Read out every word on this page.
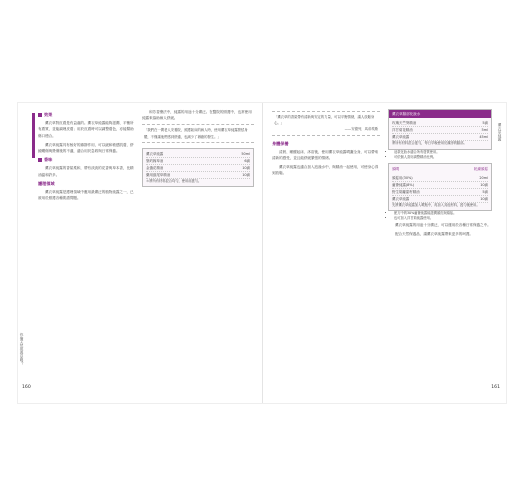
效果

薰衣草對皮膚是有益處的。薰衣草純露能夠滋潤、平衡所有膚質，並能調理皮膚；用於皮膚時可以調整膚色，亦能幫助傷口癒合。

薰衣草純露具有極好的鎮靜作用，可以緩和敏感肌膚，舒緩曬傷與燙傷後的不適，適合用於急救與日常保養。

香味

薰衣草純露的香氣柔和，帶有淡淡的花香與草本香，比精油溫和許多。

護理領域

薰衣草純露是護理領域中應用最廣泛的植物純露之一，已被用於照護各種肌膚問題。

和芳香療法中，純露的用途十分廣泛。在醫院的照護中，也常使用純露來協助病人舒緩。

「我們在一間老人安養院，照護臥床的病人時，使用薰衣草純露擦拭身體，不僅讓他們感到舒適，也減少了褥瘡的發生。」
薰衣草純露	50ml
聖約翰草油	6滴
金盞花精油	10滴
藥用鼠尾草精油	10滴
＊將所有材料混合均勻，使用前搖勻。
你懂天然保養品嗎？
160
「薰衣草的香氣帶有清新與安定的力量，可以平衡情緒，讓人放鬆身心。」
——安德列．馬帝埃斯
身體保養

清晨、睡醒起床、沐浴後，使用薰衣草純露噴灑全身，可以帶來清新的感受，並且能舒緩緊張的情緒。

薰衣草純露也適合加入泡澡水中，與精油一起使用，可使身心得到放鬆。

薰衣草臉部化妝水
玫瑰天竺葵精油	5滴
洋甘菊花精油	5ml
薰衣草純露	45ml
將所有材料混合搖勻，每日早晚使用於潔淨的臉部。
• 這款化妝水適合所有膚質使用。
• 可依個人喜好調整精油比例。
頭噴	乾燥頭髮
頭髮用(30%)	20ml
蘆薈純露(8%)	10滴
野生胡蘿蔔籽精油	5滴
薰衣草純露	10滴
先將薰衣草純露加入噴瓶中，再加入其他材料，搖勻後使用。
• 配方中的30%蘆薈純露能滋潤頭皮與頭髮。
• 也可加入洋甘菊純露使用。

薰衣草純露的用途十分廣泛，可以運用於各種日常保養之中。

配合天然保養品，讓薰衣草純露帶來更多的呵護。

薰衣草純露
161
